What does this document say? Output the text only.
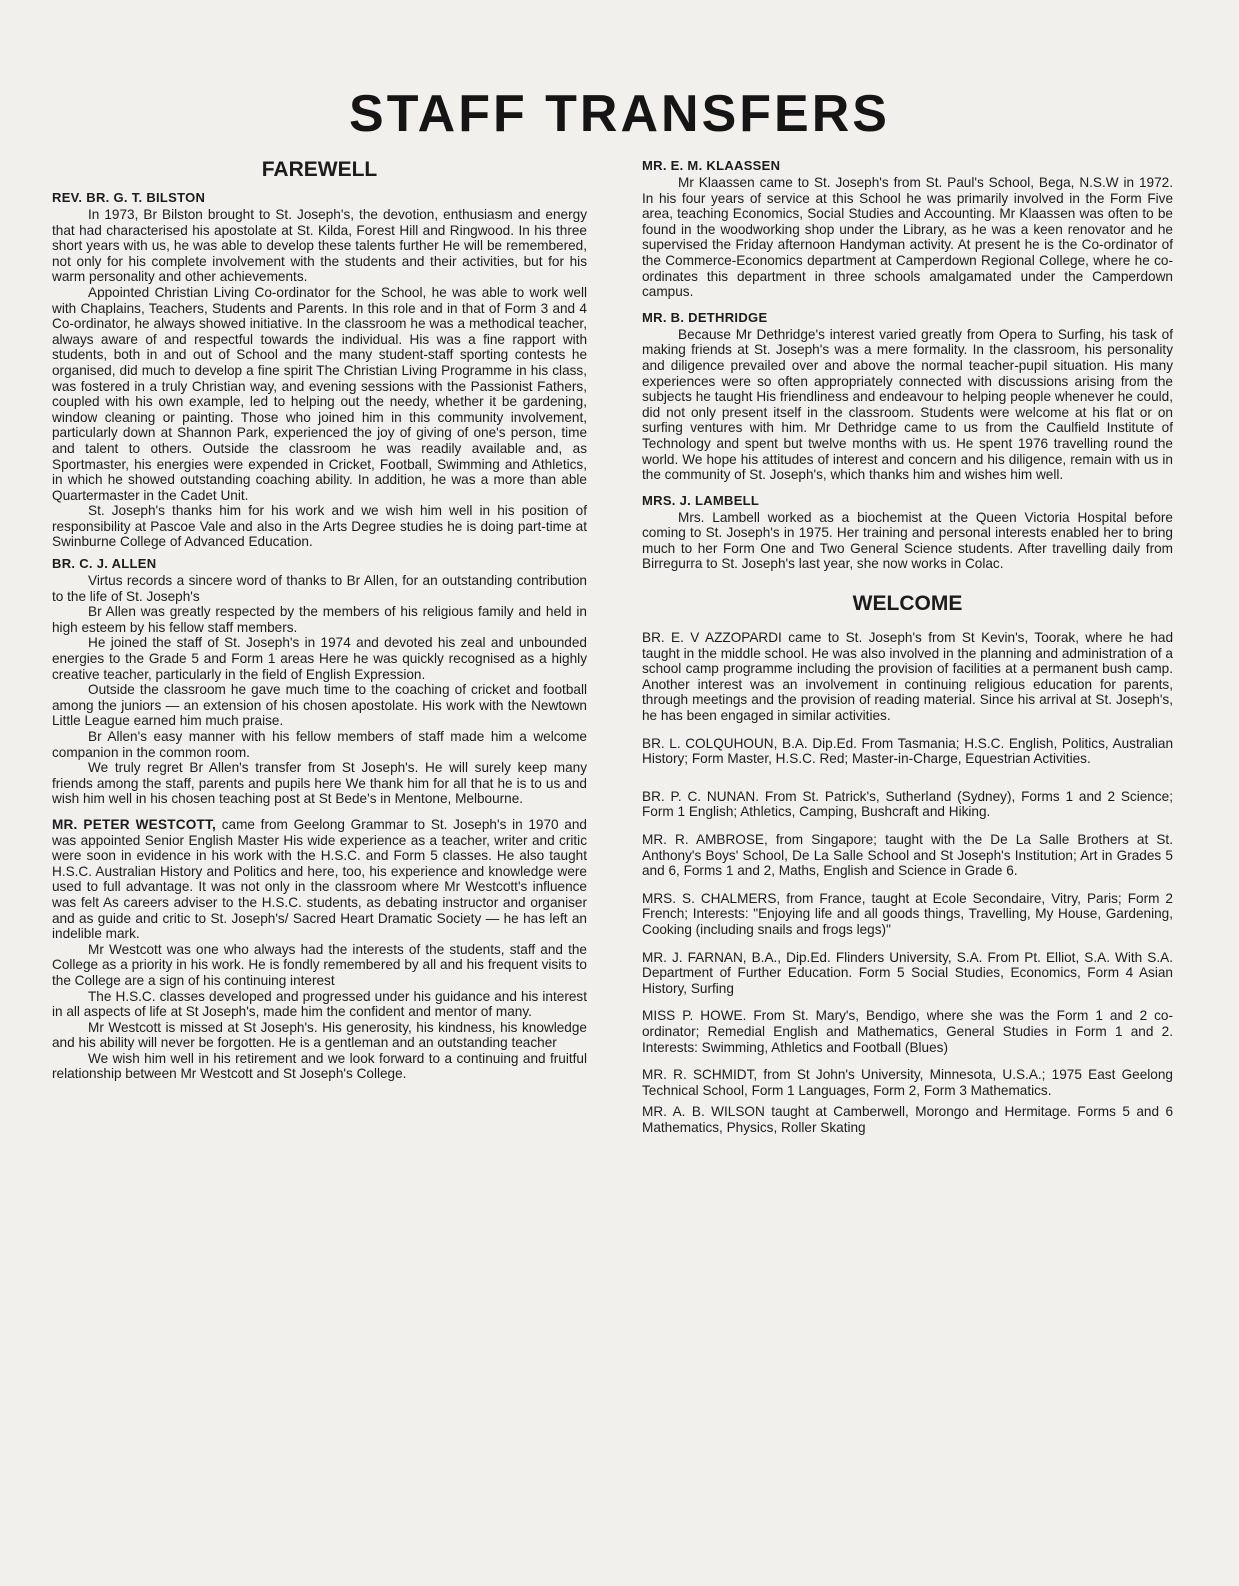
STAFF TRANSFERS
FAREWELL
REV. BR. G. T. BILSTON

In 1973, Br Bilston brought to St. Joseph's, the devotion, enthusiasm and energy that had characterised his apostolate at St. Kilda, Forest Hill and Ringwood. In his three short years with us, he was able to develop these talents further He will be remembered, not only for his complete involvement with the students and their activities, but for his warm personality and other achievements.

Appointed Christian Living Co-ordinator for the School, he was able to work well with Chaplains, Teachers, Students and Parents. In this role and in that of Form 3 and 4 Co-ordinator, he always showed initiative. In the classroom he was a methodical teacher, always aware of and respectful towards the individual. His was a fine rapport with students, both in and out of School and the many student-staff sporting contests he organised, did much to develop a fine spirit The Christian Living Programme in his class, was fostered in a truly Christian way, and evening sessions with the Passionist Fathers, coupled with his own example, led to helping out the needy, whether it be gardening, window cleaning or painting. Those who joined him in this community involvement, particularly down at Shannon Park, experienced the joy of giving of one's person, time and talent to others. Outside the classroom he was readily available and, as Sportmaster, his energies were expended in Cricket, Football, Swimming and Athletics, in which he showed outstanding coaching ability. In addition, he was a more than able Quartermaster in the Cadet Unit.

St. Joseph's thanks him for his work and we wish him well in his position of responsibility at Pascoe Vale and also in the Arts Degree studies he is doing part-time at Swinburne College of Advanced Education.

BR. C. J. ALLEN

Virtus records a sincere word of thanks to Br Allen, for an outstanding contribution to the life of St. Joseph's

Br Allen was greatly respected by the members of his religious family and held in high esteem by his fellow staff members.

He joined the staff of St. Joseph's in 1974 and devoted his zeal and unbounded energies to the Grade 5 and Form 1 areas Here he was quickly recognised as a highly creative teacher, particularly in the field of English Expression.

Outside the classroom he gave much time to the coaching of cricket and football among the juniors — an extension of his chosen apostolate. His work with the Newtown Little League earned him much praise.

Br Allen's easy manner with his fellow members of staff made him a welcome companion in the common room.

We truly regret Br Allen's transfer from St Joseph's. He will surely keep many friends among the staff, parents and pupils here We thank him for all that he is to us and wish him well in his chosen teaching post at St Bede's in Mentone, Melbourne.

MR. PETER WESTCOTT, came from Geelong Grammar to St. Joseph's in 1970 and was appointed Senior English Master His wide experience as a teacher, writer and critic were soon in evidence in his work with the H.S.C. and Form 5 classes. He also taught H.S.C. Australian History and Politics and here, too, his experience and knowledge were used to full advantage. It was not only in the classroom where Mr Westcott's influence was felt As careers adviser to the H.S.C. students, as debating instructor and organiser and as guide and critic to St. Joseph's/ Sacred Heart Dramatic Society — he has left an indelible mark.

Mr Westcott was one who always had the interests of the students, staff and the College as a priority in his work. He is fondly remembered by all and his frequent visits to the College are a sign of his continuing interest

The H.S.C. classes developed and progressed under his guidance and his interest in all aspects of life at St Joseph's, made him the confident and mentor of many.

Mr Westcott is missed at St Joseph's. His generosity, his kindness, his knowledge and his ability will never be forgotten. He is a gentleman and an outstanding teacher

We wish him well in his retirement and we look forward to a continuing and fruitful relationship between Mr Westcott and St Joseph's College.

MR. E. M. KLAASSEN

Mr Klaassen came to St. Joseph's from St. Paul's School, Bega, N.S.W in 1972. In his four years of service at this School he was primarily involved in the Form Five area, teaching Economics, Social Studies and Accounting. Mr Klaassen was often to be found in the woodworking shop under the Library, as he was a keen renovator and he supervised the Friday afternoon Handyman activity. At present he is the Co-ordinator of the Commerce-Economics department at Camperdown Regional College, where he co-ordinates this department in three schools amalgamated under the Camperdown campus.

MR. B. DETHRIDGE

Because Mr Dethridge's interest varied greatly from Opera to Surfing, his task of making friends at St. Joseph's was a mere formality. In the classroom, his personality and diligence prevailed over and above the normal teacher-pupil situation. His many experiences were so often appropriately connected with discussions arising from the subjects he taught His friendliness and endeavour to helping people whenever he could, did not only present itself in the classroom. Students were welcome at his flat or on surfing ventures with him. Mr Dethridge came to us from the Caulfield Institute of Technology and spent but twelve months with us. He spent 1976 travelling round the world. We hope his attitudes of interest and concern and his diligence, remain with us in the community of St. Joseph's, which thanks him and wishes him well.

MRS. J. LAMBELL

Mrs. Lambell worked as a biochemist at the Queen Victoria Hospital before coming to St. Joseph's in 1975. Her training and personal interests enabled her to bring much to her Form One and Two General Science students. After travelling daily from Birregurra to St. Joseph's last year, she now works in Colac.

WELCOME

BR. E. V AZZOPARDI came to St. Joseph's from St Kevin's, Toorak, where he had taught in the middle school. He was also involved in the planning and administration of a school camp programme including the provision of facilities at a permanent bush camp. Another interest was an involvement in continuing religious education for parents, through meetings and the provision of reading material. Since his arrival at St. Joseph's, he has been engaged in similar activities.

BR. L. COLQUHOUN, B.A. Dip.Ed. From Tasmania; H.S.C. English, Politics, Australian History; Form Master, H.S.C. Red; Master-in-Charge, Equestrian Activities.

BR. P. C. NUNAN. From St. Patrick's, Sutherland (Sydney), Forms 1 and 2 Science; Form 1 English; Athletics, Camping, Bushcraft and Hiking.

MR. R. AMBROSE, from Singapore; taught with the De La Salle Brothers at St. Anthony's Boys' School, De La Salle School and St Joseph's Institution; Art in Grades 5 and 6, Forms 1 and 2, Maths, English and Science in Grade 6.

MRS. S. CHALMERS, from France, taught at Ecole Secondaire, Vitry, Paris; Form 2 French; Interests: "Enjoying life and all goods things, Travelling, My House, Gardening, Cooking (including snails and frogs legs)"

MR. J. FARNAN, B.A., Dip.Ed. Flinders University, S.A. From Pt. Elliot, S.A. With S.A. Department of Further Education. Form 5 Social Studies, Economics, Form 4 Asian History, Surfing

MISS P. HOWE. From St. Mary's, Bendigo, where she was the Form 1 and 2 co-ordinator; Remedial English and Mathematics, General Studies in Form 1 and 2. Interests: Swimming, Athletics and Football (Blues)

MR. R. SCHMIDT, from St John's University, Minnesota, U.S.A.; 1975 East Geelong Technical School, Form 1 Languages, Form 2, Form 3 Mathematics.

MR. A. B. WILSON taught at Camberwell, Morongo and Hermitage. Forms 5 and 6 Mathematics, Physics, Roller Skating
